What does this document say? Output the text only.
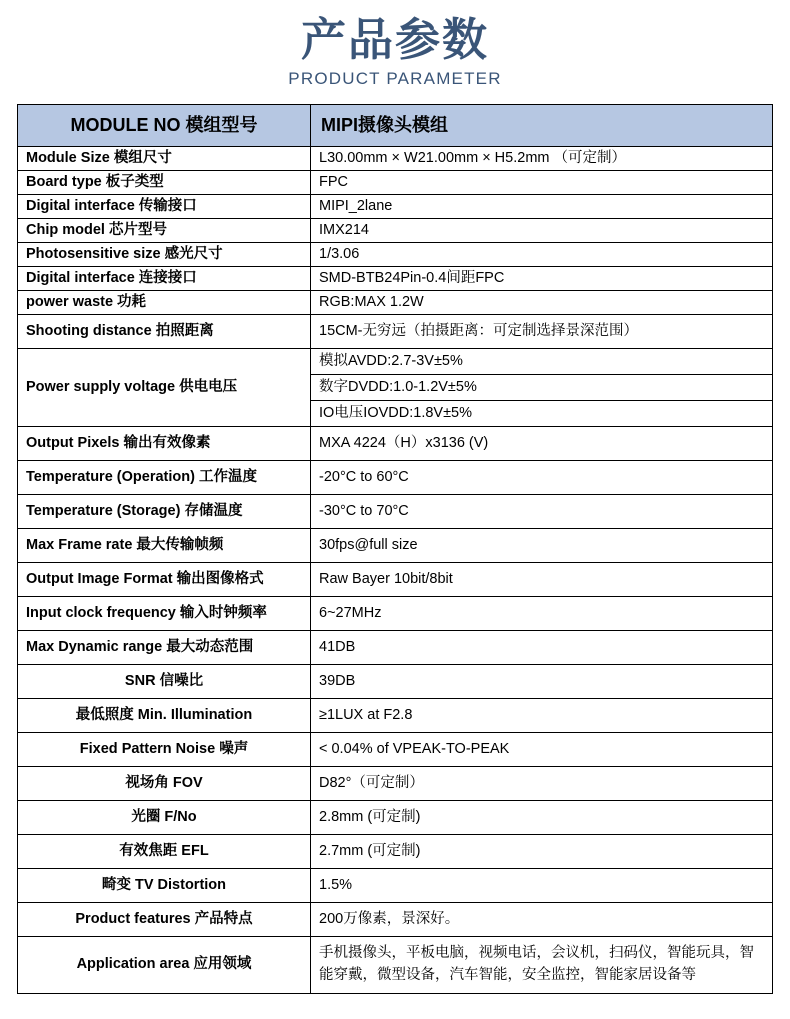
产品参数
PRODUCT PARAMETER
MODULE NO 模组型号	MIPI摄像头模组
Module Size 模组尺寸	L30.00mm × W21.00mm × H5.2mm （可定制）
Board type 板子类型	FPC
Digital interface 传输接口	MIPI_2lane
Chip model 芯片型号	IMX214
Photosensitive size 感光尺寸	1/3.06
Digital interface 连接接口	SMD-BTB24Pin-0.4间距FPC
power waste 功耗	RGB:MAX 1.2W
Shooting distance 拍照距离	15CM-无穷远（拍摄距离：可定制选择景深范围）
Power supply voltage 供电电压	模拟AVDD:2.7-3V±5%
	数字DVDD:1.0-1.2V±5%
	IO电压IOVDD:1.8V±5%
Output Pixels 输出有效像素	MXA 4224（H）x3136 (V)
Temperature (Operation) 工作温度	-20°C to 60°C
Temperature (Storage) 存储温度	-30°C to 70°C
Max Frame rate 最大传输帧频	30fps@full size
Output Image Format 输出图像格式	Raw Bayer 10bit/8bit
Input clock frequency 输入时钟频率	6~27MHz
Max Dynamic range 最大动态范围	41DB
SNR 信噪比	39DB
最低照度 Min. Illumination	≥1LUX at F2.8
Fixed Pattern Noise 噪声	< 0.04% of VPEAK-TO-PEAK
视场角 FOV	D82°（可定制）
光圈 F/No	2.8mm (可定制)
有效焦距 EFL	2.7mm (可定制)
畸变 TV Distortion	1.5%
Product features 产品特点	200万像素，景深好。
Application area 应用领域	手机摄像头，平板电脑，视频电话，会议机，扫码仪，智能玩具，智能穿戴，微型设备，汽车智能，安全监控，智能家居设备等
